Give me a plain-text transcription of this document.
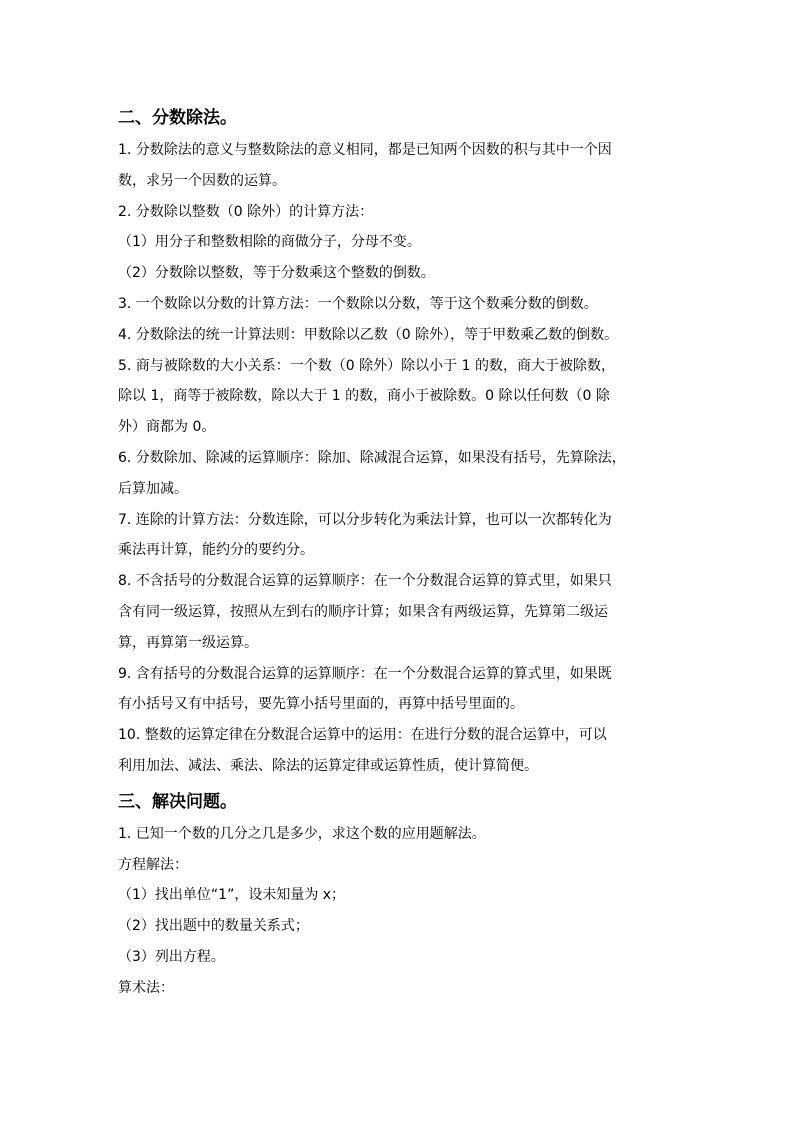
二、分数除法。
1. 分数除法的意义与整数除法的意义相同，都是已知两个因数的积与其中一个因
数，求另一个因数的运算。
2. 分数除以整数（0 除外）的计算方法：
（1）用分子和整数相除的商做分子，分母不变。
（2）分数除以整数，等于分数乘这个整数的倒数。
3. 一个数除以分数的计算方法：一个数除以分数，等于这个数乘分数的倒数。
4. 分数除法的统一计算法则：甲数除以乙数（0 除外），等于甲数乘乙数的倒数。
5. 商与被除数的大小关系：一个数（0 除外）除以小于 1 的数，商大于被除数，
除以 1，商等于被除数，除以大于 1 的数，商小于被除数。0 除以任何数（0 除
外）商都为 0。
6. 分数除加、除减的运算顺序：除加、除减混合运算，如果没有括号，先算除法，
后算加减。
7. 连除的计算方法：分数连除，可以分步转化为乘法计算，也可以一次都转化为
乘法再计算，能约分的要约分。
8. 不含括号的分数混合运算的运算顺序：在一个分数混合运算的算式里，如果只
含有同一级运算，按照从左到右的顺序计算；如果含有两级运算，先算第二级运
算，再算第一级运算。
9. 含有括号的分数混合运算的运算顺序：在一个分数混合运算的算式里，如果既
有小括号又有中括号，要先算小括号里面的，再算中括号里面的。
10. 整数的运算定律在分数混合运算中的运用：在进行分数的混合运算中，可以
利用加法、减法、乘法、除法的运算定律或运算性质，使计算简便。
三、解决问题。
1. 已知一个数的几分之几是多少，求这个数的应用题解法。
方程解法：
（1）找出单位“1”，设未知量为 x；
（2）找出题中的数量关系式；
（3）列出方程。
算术法：
